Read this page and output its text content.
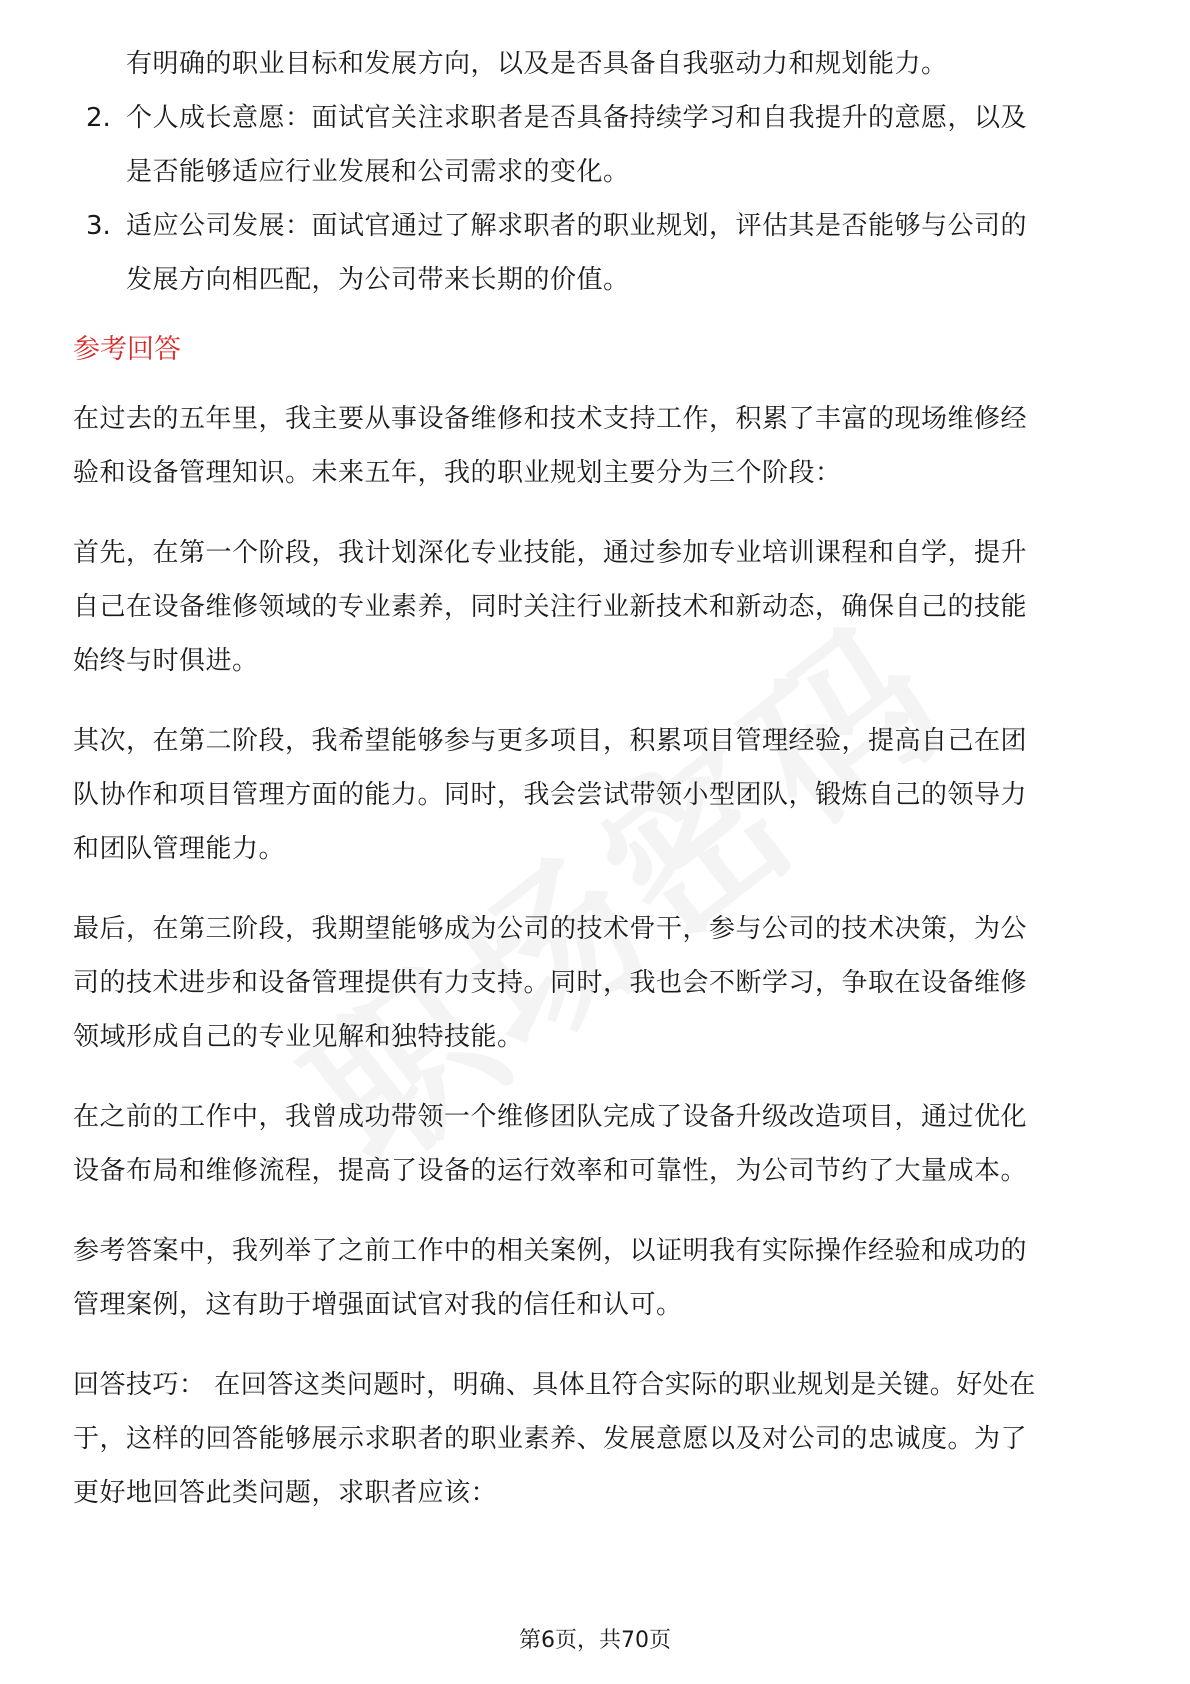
有明确的职业目标和发展方向，以及是否具备自我驱动力和规划能力。
2. 个人成长意愿：面试官关注求职者是否具备持续学习和自我提升的意愿，以及
是否能够适应行业发展和公司需求的变化。
3. 适应公司发展：面试官通过了解求职者的职业规划，评估其是否能够与公司的
发展方向相匹配，为公司带来长期的价值。
参考回答
在过去的五年里，我主要从事设备维修和技术支持工作，积累了丰富的现场维修经
验和设备管理知识。未来五年，我的职业规划主要分为三个阶段：
首先，在第一个阶段，我计划深化专业技能，通过参加专业培训课程和自学，提升
自己在设备维修领域的专业素养，同时关注行业新技术和新动态，确保自己的技能
始终与时俱进。
其次，在第二阶段，我希望能够参与更多项目，积累项目管理经验，提高自己在团
队协作和项目管理方面的能力。同时，我会尝试带领小型团队，锻炼自己的领导力
和团队管理能力。
最后，在第三阶段，我期望能够成为公司的技术骨干，参与公司的技术决策，为公
司的技术进步和设备管理提供有力支持。同时，我也会不断学习，争取在设备维修
领域形成自己的专业见解和独特技能。
在之前的工作中，我曾成功带领一个维修团队完成了设备升级改造项目，通过优化
设备布局和维修流程，提高了设备的运行效率和可靠性，为公司节约了大量成本。
参考答案中，我列举了之前工作中的相关案例，以证明我有实际操作经验和成功的
管理案例，这有助于增强面试官对我的信任和认可。
回答技巧： 在回答这类问题时，明确、具体且符合实际的职业规划是关键。好处在
于，这样的回答能够展示求职者的职业素养、发展意愿以及对公司的忠诚度。为了
更好地回答此类问题，求职者应该：
第6页，共70页
